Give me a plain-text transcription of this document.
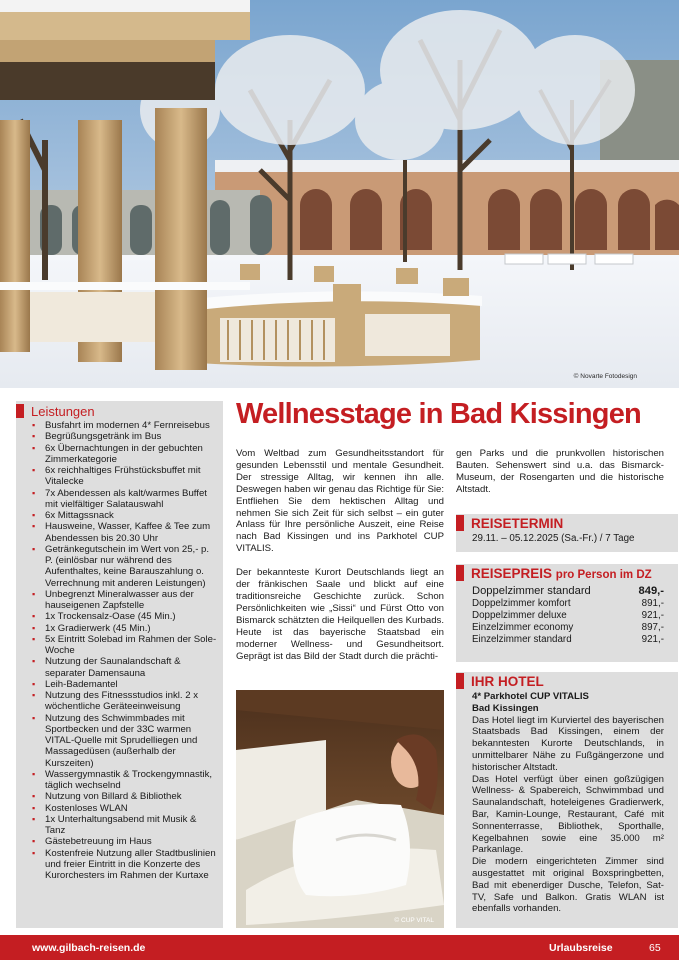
© Novarte Fotodesign
Leistungen
▪ Busfahrt im modernen 4* Fernreisebus
▪ Begrüßungsgetränk im Bus
▪ 6x Übernachtungen in der gebuchten Zimmerkategorie
▪ 6x reichhaltiges Frühstücksbuffet mit Vitalecke
▪ 7x Abendessen als kalt/warmes Buffet mit vielfältiger Salatauswahl
▪ 6x Mittagssnack
▪ Hausweine, Wasser, Kaffee & Tee zum Abendessen bis 20.30 Uhr
▪ Getränkegutschein im Wert von 25,- p. P. (einlösbar nur während des Aufenthaltes, keine Barauszahlung o. Verrechnung mit anderen Leistungen)
▪ Unbegrenzt Mineralwasser aus der hauseigenen Zapfstelle
▪ 1x Trockensalz-Oase (45 Min.)
▪ 1x Gradierwerk (45 Min.)
▪ 5x Eintritt Solebad im Rahmen der Sole-Woche
▪ Nutzung der Saunalandschaft & separater Damensauna
▪ Leih-Bademantel
▪ Nutzung des Fitnessstudios inkl. 2 x wöchentliche Geräteeinweisung
▪ Nutzung des Schwimmbades mit Sportbecken und der 33C warmen VITAL-Quelle mit Sprudelliegen und Massagedüsen (außerhalb der Kurszeiten)
▪ Wassergymnastik & Trockengymnastik, täglich wechselnd
▪ Nutzung von Billard & Bibliothek
▪ Kostenloses WLAN
▪ 1x Unterhaltungsabend mit Musik & Tanz
▪ Gästebetreuung im Haus
▪ Kostenfreie Nutzung aller Stadtbuslinien und freier Eintritt in die Konzerte des Kurorchesters im Rahmen der Kurtaxe
Wellnesstage in Bad Kissingen

Vom Weltbad zum Gesundheitsstandort für gesunden Lebensstil und mentale Gesundheit. Der stressige Alltag, wir kennen ihn alle. Deswegen haben wir genau das Richtige für Sie: Entfliehen Sie dem hektischen Alltag und nehmen Sie sich Zeit für sich selbst – ein guter Anlass für Ihre persönliche Auszeit, eine Reise nach Bad Kissingen und ins Parkhotel CUP VITALIS.

Der bekannteste Kurort Deutschlands liegt an der fränkischen Saale und blickt auf eine traditionsreiche Geschichte zurück. Schon Persönlichkeiten wie „Sissi“ und Fürst Otto von Bismarck schätzten die Heilquellen des Kurbads. Heute ist das bayerische Staatsbad ein moderner Wellness- und Gesundheitsort. Geprägt ist das Bild der Stadt durch die prächti-

gen Parks und die prunkvollen historischen Bauten. Sehenswert sind u.a. das Bismarck-Museum, der Rosengarten und die historische Altstadt.
© CUP VITAL
REISETERMIN
29.11. – 05.12.2025 (Sa.-Fr.) / 7 Tage
REISEPREIS pro Person im DZ
Doppelzimmer standard	849,-
Doppelzimmer komfort	891,-
Doppelzimmer deluxe	921,-
Einzelzimmer economy	897,-
Einzelzimmer standard	921,-
IHR HOTEL
4* Parkhotel CUP VITALIS
Bad Kissingen

Das Hotel liegt im Kurviertel des bayerischen Staatsbads Bad Kissingen, einem der bekanntesten Kurorte Deutschlands, in unmittelbarer Nähe zu Fußgängerzone und historischer Altstadt.

Das Hotel verfügt über einen goßzügigen Wellness- & Spabereich, Schwimmbad und Saunalandschaft, hoteleigenes Gradierwerk, Bar, Kamin-Lounge, Restaurant, Café mit Sonnenterrasse, Bibliothek, Sporthalle, Kegelbahnen sowie eine 35.000 m² Parkanlage.

Die modern eingerichteten Zimmer sind ausgestattet mit original Boxspringbetten, Bad mit ebenerdiger Dusche, Telefon, Sat-TV, Safe und Balkon. Gratis WLAN ist ebenfalls vorhanden.

www.gilbach-reisen.de	Urlaubsreise	65
